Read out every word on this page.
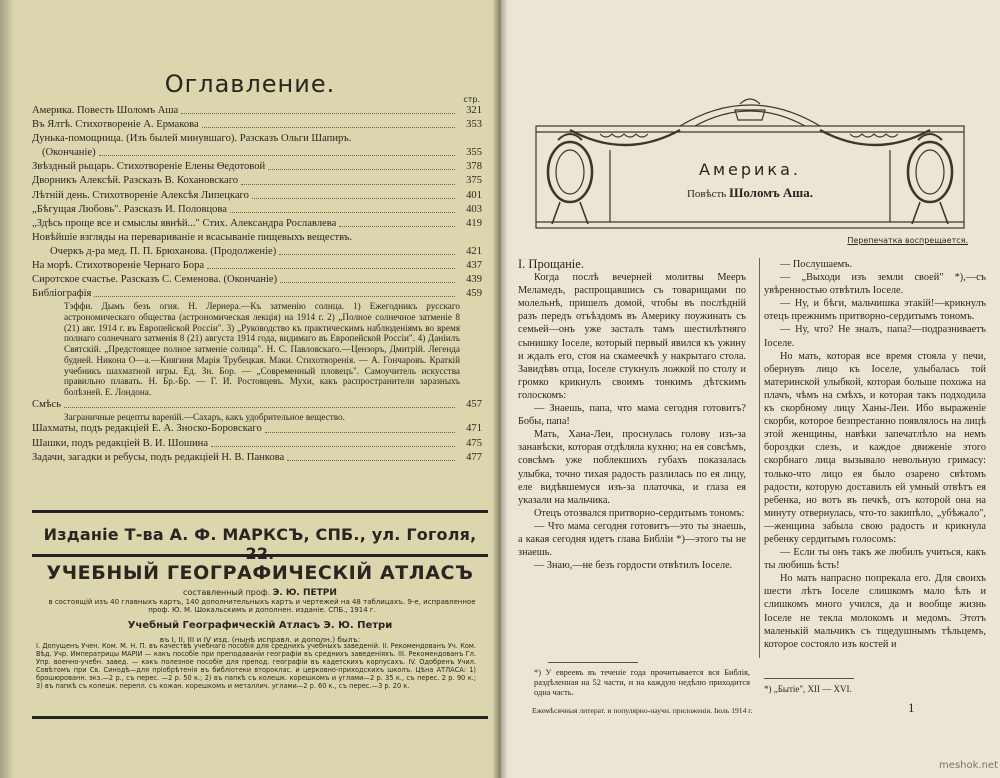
Оглавление.
стр.
Америка. Повесть Шоломъ Аша	321
Въ Ялтѣ. Стихотвореніе А. Ермакова	353
Дунька-помощница. (Изъ былей минувшаго). Разсказъ Ольги Шапиръ.
(Окончаніе)	355
Звѣздный рыцарь. Стихотвореніе Елены Ѳедотовой	378
Дворникъ Алексѣй. Разсказъ В. Кохановскаго	375
Лѣтній день. Стихотвореніе Алексѣя Липецкаго	401
„Бѣгущая Любовь". Разсказъ И. Половцова	403
„Здѣсь проще все и смыслы явнѣй..." Стих. Александра Рославлева	419
Новѣйшіе взгляды на перевариваніе и всасываніе пищевыхъ веществъ.
Очеркъ д-ра мед. П. П. Брюханова. (Продолженіе)	421
На морѣ. Стихотвореніе Чернаго Бора	437
Сиротское счастье. Разсказъ С. Семенова. (Окончаніе)	439
Библіографія	459

Тэффи. Дымъ безъ огня. Н. Лернера.—Къ затменію солнца. 1) Ежегодникъ русскаго астрономическаго общества (астрономическая лекція) на 1914 г. 2) „Полное солнечное затменіе 8 (21) авг. 1914 г. въ Европейской Россіи". 3) „Руководство къ практическимъ наблюденіямъ во время полнаго солнечнаго затменія 8 (21) августа 1914 года, видимаго въ Европейской Россіи". 4) Даніилъ Святскій. „Предстоящее полное затменіе солнца". Н. С. Павловскаго.—Цензоръ, Дмитрій. Легенда будней. Никона О—а.—Княгиня Марія Трубецкая. Маки. Стихотворенія. — А. Гончаровъ. Краткій учебникъ шахматной игры. Ед. Зн. Бор. — „Современный пловецъ". Самоучитель искусства правильно плавать. Н. Бр.-Бр. — Г. И. Ростовцевъ. Мухи, какъ распространители заразныхъ болѣзней. Е. Лондона.

Смѣсь	457

Заграничные рецепты вареній.—Сахаръ, какъ удобрительное вещество.

Шахматы, подъ редакціей Е. А. Зноско-Боровскаго	471
Шашки, подъ редакціей В. И. Шошина	475
Задачи, загадки и ребусы, подъ редакціей Н. В. Панкова	477
Изданіе Т-ва А. Ф. МАРКСЪ, СПБ., ул. Гоголя, 22.
УЧЕБНЫЙ ГЕОГРАФИЧЕСКІЙ АТЛАСЪ
составленный проф. Э. Ю. ПЕТРИ
в состоящій изъ 40 главныхъ картъ, 140 дополнительныхъ картъ и чертежей на 48 таблицахъ. 9-е, исправленное проф. Ю. М. Шокальскимъ и дополнен. изданіе. СПБ., 1914 г.
Учебный Географическій Атласъ Э. Ю. Петри
въ I, II, III и IV изд. (нынѣ исправл. и дополн.) былъ:
I. Допущенъ Учен. Ком. М. Н. П. въ качествѣ учебнаго пособія для среднихъ учебныхъ заведеній. II. Рекомендованъ Уч. Ком. Вѣд. Учр. Императрицы МАРІИ — какъ пособіе при преподаваніи географіи въ среднихъ заведеніяхъ. III. Рекомендованъ Гл. Упр. военно-учебн. завед. — какъ полезное пособіе для препод. географіи въ кадетскихъ корпусахъ. IV. Одобренъ Учил. Совѣтомъ при Св. Синодѣ—для пріобрѣтенія въ библіотеки второклас. и церковно-приходскихъ школъ. Цѣна АТЛАСА: 1) брошюрованн. экз.—2 р., съ перес. —2 р. 50 к.; 2) въ папкѣ съ колешк. корешкомъ и углами—2 р. 35 к., съ перес. 2 р. 90 к.; 3) въ папкѣ съ колешк. перепл. съ кожан. корешкомъ и металлич. углами—2 р. 60 к., съ перес.—3 р. 20 к.
Америка.
Повѣсть Шоломъ Аша.
Перепечатка воспрещается.

I. Прощаніе.

Когда послѣ вечерней молитвы Мееръ Меламедъ, распрощавшись съ товарищами по молельнѣ, пришелъ домой, чтобы въ послѣдній разъ передъ отъѣздомъ въ Америку поужинать съ семьей—онъ уже засталъ тамъ шестилѣтняго сынишку Іоселе, который первый явился къ ужину и ждалъ его, стоя на скамеечкѣ у накрытаго стола. Завидѣвъ отца, Іоселе стукнулъ ложкой по столу и громко крикнулъ своимъ тонкимъ дѣтскимъ голоскомъ:

— Знаешь, папа, что мама сегодня готовитъ? Бобы, папа!

Мать, Хана-Леи, проснулась голову изъ-за занавѣски, которая отдѣляла кухню; на ея совсѣмъ, совсѣмъ уже поблекшихъ губахъ показалась улыбка, точно тихая радость разлилась по ея лицу, еле видѣвшемуся изъ-за платочка, и глаза ея указали на мальчика.

Отецъ отозвался притворно-сердитымъ тономъ:

— Что мама сегодня готовитъ—это ты знаешь, а какая сегодня идетъ глава Библіи *)—этого ты не знаешь.

— Знаю,—не безъ гордости отвѣтилъ Іоселе.

— Послушаемъ.

— „Выходи изъ земли своей" *),—съ увѣренностью отвѣтилъ Іоселе.

— Ну, и бѣги, мальчишка этакій!—крикнулъ отецъ прежнимъ притворно-сердитымъ тономъ.

— Ну, что? Не зналъ, папа?—подразниваетъ Іоселе.

Но мать, которая все время стояла у печи, обернувъ лицо къ Іоселе, улыбалась той материнской улыбкой, которая больше похожа на плачъ, чѣмъ на смѣхъ, и которая такъ подходила къ скорбному лицу Ханы-Леи. Ибо выраженіе скорби, которое безпрестанно появлялось на лицѣ этой женщины, навѣки запечатлѣло на немъ бороздки слезъ, и каждое движеніе этого скорбнаго лица вызывало невольную гримасу: только-что лицо ея было озарено свѣтомъ радости, которую доставилъ ей умный отвѣтъ ея ребенка, но вотъ въ печкѣ, отъ которой она на минуту отвернулась, что-то закипѣло, „убѣжало",—женщина забыла свою радость и крикнула ребенку сердитымъ голосомъ:

— Если ты онъ такъ же любилъ учиться, какъ ты любишь ѣсть!

Но мать напрасно попрекала его. Для своихъ шести лѣтъ Іоселе слишкомъ мало ѣлъ и слишкомъ много учился, да и вообще жизнь Іоселе не текла молокомъ и медомъ. Этотъ маленькій мальчикъ съ тщедушнымъ тѣльцемъ, которое состояло изъ костей и

*) У евреевъ въ теченіе года прочитывается вся Библія, раздѣленная на 52 части, и на каждую недѣлю приходится одна часть.	*) „Бытіе", XII — XVI.
Ежемѣсячныя литерат. и популярно-научн. приложенія. Іюль 1914 г.	1
meshok.net
